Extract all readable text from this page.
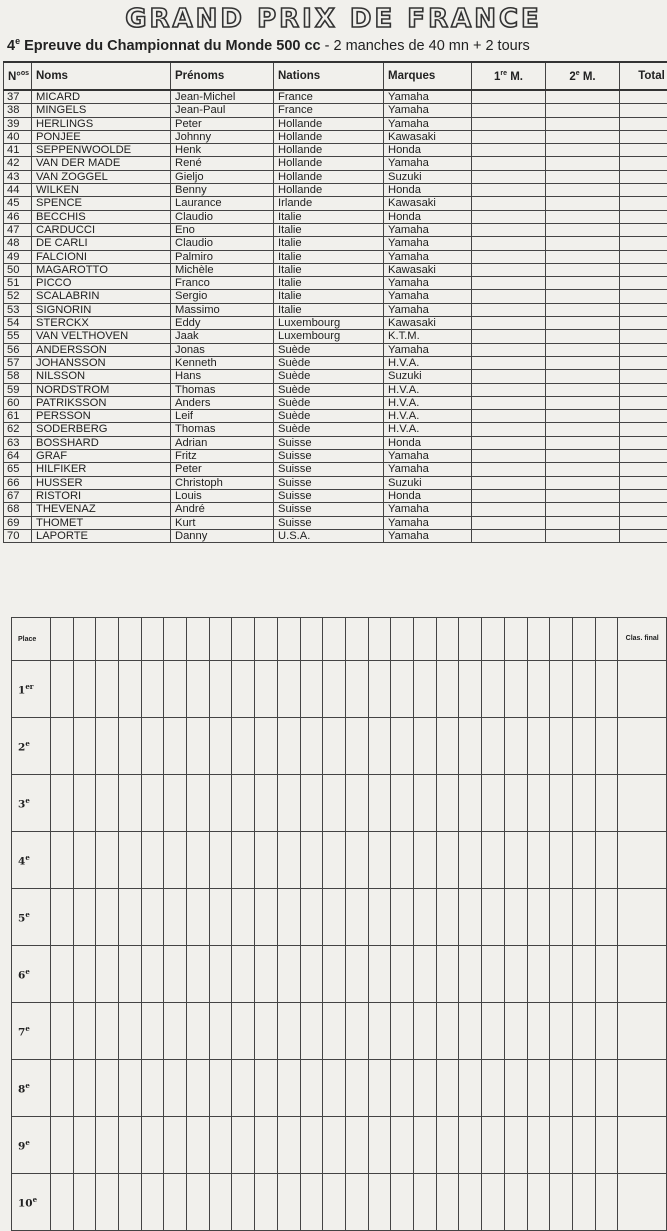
GRAND PRIX DE FRANCE
4e Epreuve du Championnat du Monde 500 cc - 2 manches de 40 mn + 2 tours
N°$^{os}$	Noms	Prénoms	Nations	Marques	1re M.	2e M.	Total
37	MICARD	Jean-Michel	France	Yamaha			
38	MINGELS	Jean-Paul	France	Yamaha			
39	HERLINGS	Peter	Hollande	Yamaha			
40	PONJEE	Johnny	Hollande	Kawasaki			
41	SEPPENWOOLDE	Henk	Hollande	Honda			
42	VAN DER MADE	René	Hollande	Yamaha			
43	VAN ZOGGEL	Gieljo	Hollande	Suzuki			
44	WILKEN	Benny	Hollande	Honda			
45	SPENCE	Laurance	Irlande	Kawasaki			
46	BECCHIS	Claudio	Italie	Honda			
47	CARDUCCI	Eno	Italie	Yamaha			
48	DE CARLI	Claudio	Italie	Yamaha			
49	FALCIONI	Palmiro	Italie	Yamaha			
50	MAGAROTTO	Michèle	Italie	Kawasaki			
51	PICCO	Franco	Italie	Yamaha			
52	SCALABRIN	Sergio	Italie	Yamaha			
53	SIGNORIN	Massimo	Italie	Yamaha			
54	STERCKX	Eddy	Luxembourg	Kawasaki			
55	VAN VELTHOVEN	Jaak	Luxembourg	K.T.M.			
56	ANDERSSON	Jonas	Suède	Yamaha			
57	JOHANSSON	Kenneth	Suède	H.V.A.			
58	NILSSON	Hans	Suède	Suzuki			
59	NORDSTROM	Thomas	Suède	H.V.A.			
60	PATRIKSSON	Anders	Suède	H.V.A.			
61	PERSSON	Leif	Suède	H.V.A.			
62	SODERBERG	Thomas	Suède	H.V.A.			
63	BOSSHARD	Adrian	Suisse	Honda			
64	GRAF	Fritz	Suisse	Yamaha			
65	HILFIKER	Peter	Suisse	Yamaha			
66	HUSSER	Christoph	Suisse	Suzuki			
67	RISTORI	Louis	Suisse	Honda			
68	THEVENAZ	André	Suisse	Yamaha			
69	THOMET	Kurt	Suisse	Yamaha			
70	LAPORTE	Danny	U.S.A.	Yamaha			
Place																										Clas. final
1er																										
2e																										
3e																										
4e																										
5e																										
6e																										
7e																										
8e																										
9e																										
10e																										
